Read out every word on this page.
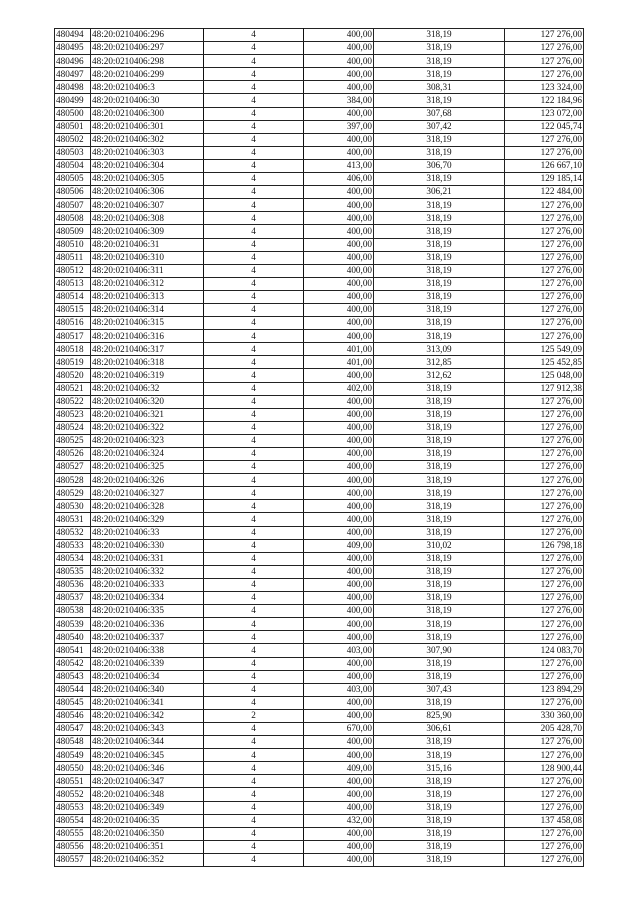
480494	48:20:0210406:296	4	400,00	318,19	127 276,00
480495	48:20:0210406:297	4	400,00	318,19	127 276,00
480496	48:20:0210406:298	4	400,00	318,19	127 276,00
480497	48:20:0210406:299	4	400,00	318,19	127 276,00
480498	48:20:0210406:3	4	400,00	308,31	123 324,00
480499	48:20:0210406:30	4	384,00	318,19	122 184,96
480500	48:20:0210406:300	4	400,00	307,68	123 072,00
480501	48:20:0210406:301	4	397,00	307,42	122 045,74
480502	48:20:0210406:302	4	400,00	318,19	127 276,00
480503	48:20:0210406:303	4	400,00	318,19	127 276,00
480504	48:20:0210406:304	4	413,00	306,70	126 667,10
480505	48:20:0210406:305	4	406,00	318,19	129 185,14
480506	48:20:0210406:306	4	400,00	306,21	122 484,00
480507	48:20:0210406:307	4	400,00	318,19	127 276,00
480508	48:20:0210406:308	4	400,00	318,19	127 276,00
480509	48:20:0210406:309	4	400,00	318,19	127 276,00
480510	48:20:0210406:31	4	400,00	318,19	127 276,00
480511	48:20:0210406:310	4	400,00	318,19	127 276,00
480512	48:20:0210406:311	4	400,00	318,19	127 276,00
480513	48:20:0210406:312	4	400,00	318,19	127 276,00
480514	48:20:0210406:313	4	400,00	318,19	127 276,00
480515	48:20:0210406:314	4	400,00	318,19	127 276,00
480516	48:20:0210406:315	4	400,00	318,19	127 276,00
480517	48:20:0210406:316	4	400,00	318,19	127 276,00
480518	48:20:0210406:317	4	401,00	313,09	125 549,09
480519	48:20:0210406:318	4	401,00	312,85	125 452,85
480520	48:20:0210406:319	4	400,00	312,62	125 048,00
480521	48:20:0210406:32	4	402,00	318,19	127 912,38
480522	48:20:0210406:320	4	400,00	318,19	127 276,00
480523	48:20:0210406:321	4	400,00	318,19	127 276,00
480524	48:20:0210406:322	4	400,00	318,19	127 276,00
480525	48:20:0210406:323	4	400,00	318,19	127 276,00
480526	48:20:0210406:324	4	400,00	318,19	127 276,00
480527	48:20:0210406:325	4	400,00	318,19	127 276,00
480528	48:20:0210406:326	4	400,00	318,19	127 276,00
480529	48:20:0210406:327	4	400,00	318,19	127 276,00
480530	48:20:0210406:328	4	400,00	318,19	127 276,00
480531	48:20:0210406:329	4	400,00	318,19	127 276,00
480532	48:20:0210406:33	4	400,00	318,19	127 276,00
480533	48:20:0210406:330	4	409,00	310,02	126 798,18
480534	48:20:0210406:331	4	400,00	318,19	127 276,00
480535	48:20:0210406:332	4	400,00	318,19	127 276,00
480536	48:20:0210406:333	4	400,00	318,19	127 276,00
480537	48:20:0210406:334	4	400,00	318,19	127 276,00
480538	48:20:0210406:335	4	400,00	318,19	127 276,00
480539	48:20:0210406:336	4	400,00	318,19	127 276,00
480540	48:20:0210406:337	4	400,00	318,19	127 276,00
480541	48:20:0210406:338	4	403,00	307,90	124 083,70
480542	48:20:0210406:339	4	400,00	318,19	127 276,00
480543	48:20:0210406:34	4	400,00	318,19	127 276,00
480544	48:20:0210406:340	4	403,00	307,43	123 894,29
480545	48:20:0210406:341	4	400,00	318,19	127 276,00
480546	48:20:0210406:342	2	400,00	825,90	330 360,00
480547	48:20:0210406:343	4	670,00	306,61	205 428,70
480548	48:20:0210406:344	4	400,00	318,19	127 276,00
480549	48:20:0210406:345	4	400,00	318,19	127 276,00
480550	48:20:0210406:346	4	409,00	315,16	128 900,44
480551	48:20:0210406:347	4	400,00	318,19	127 276,00
480552	48:20:0210406:348	4	400,00	318,19	127 276,00
480553	48:20:0210406:349	4	400,00	318,19	127 276,00
480554	48:20:0210406:35	4	432,00	318,19	137 458,08
480555	48:20:0210406:350	4	400,00	318,19	127 276,00
480556	48:20:0210406:351	4	400,00	318,19	127 276,00
480557	48:20:0210406:352	4	400,00	318,19	127 276,00
